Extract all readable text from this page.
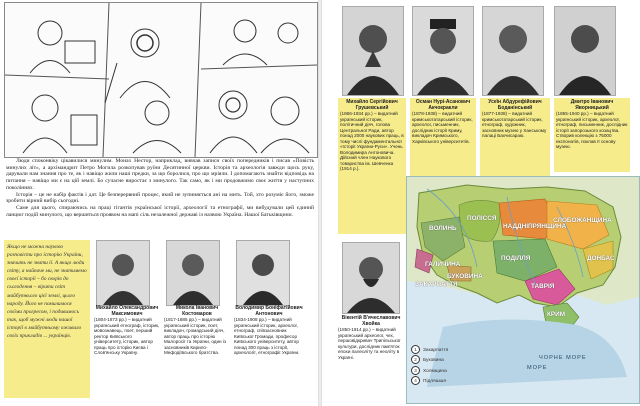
Люди споконвіку цікавилися минулим. Монах Нестор, наприклад, вивчав записи своїх попередників і писав «Повість минулих літ», а архімандрит Петро Могила розкопував руїни Десятинної церкви. Історія та археологія завжди щось руку, дарували нам знання про те, як і навіщо жили наші предки, за що боролися, про що мріяли. І допомагають знайти відповідь на питання – навіщо ми є на цій землі. Бо сучасне виростає з минулого. Так само, як і ми продовжимо своє життя у наступних поколіннях.

Історія – це не набір фактів і дат. Це безперервний процес, який не зупиняється ані на мить. Той, хто розуміє його, зможе зробити вірний вибір сьогодні.

Саме для цього, спираючись на праці гігантів української історії, археології та етнографії, ми вибудували цей єдиний ланцюг подій минулого, що вершиться проявом на мапі сіль незалежної державі із назвою Україна. Нашої Батьківщини.

Якщо не можна науково розповісти про історію України, значить не знати ії. А якщо люди світу, а найпаче ми, не знатимемо своєї історії – бо скорів до сьогодення – вірити світ майбутнього цієї землі, цього народу. Його не помилимося своїми прогресом, і подивимось так, щоб мужні люди нашої історії в майбутньому оживило своїх прикладів ... українців.
Михайло Олександрович Максимович
(1804-1873 рр.) – видатний український етнограф, історик, мовознавець, поет, перший ректор Київського університету, історик, автор праць про історію Києва і Слов'янську Україну.
Микола Іванович Костомаров
(1817-1885 рр.) – видатний український історик, поет, викладач, громадський діяч, автор праць про історію Малоросії та України, один із засновників Кирило-Мефодіївського братства.
Володимир Боніфатійович Антонович
(1834-1908 рр.) – видатний український історик, археолог, етнограф, співзасновник Київської Громади, професор Київського університету, автор понад 300 праць з історії, археології, етнографії України.
Михайло Сергійович Грушевський
(1866-1934 рр.) – видатний український історик, політичний діяч, голова Центральної Ради, автор понад 2000 наукових праць, в тому числі фундаментальної «Історії України-Руси». Учень Володимира Антоновича. Дійсний член Наукового товариства ім. Шевченка (1914 р.).
Осман Нурі-Асанович Акчокракли
(1878-1938) – видатний кримськотатарський історик, археолог, письменник, дослідник історії Криму, викладач Кримського, Харківського університетів.
Усеїн Абдурефійович Боданінський
(1877-1938) – видатний кримськотатарський історик, етнограф, художник, засновник музею у Ханському палаці Бахчисараю.
Дмитро Іванович Яворницький
(1855-1940 рр.) – видатний український історик, археолог, етнограф, письменник, дослідник історії запорозького козацтва. Створив колекцію з 75000 експонатів, поклав її основу музею.
Вікентій В'ячеславович Хвойка
(1850-1914 рр.) – видатний український археолог, чех, першовідкривач Трипільської культури, дослідник пам'яток епохи палеоліту та неоліту в Україні.
ВОЛИНЬ
ГАЛИЧИНА
ПОЛІССЯ
НАДДНІПРЯНЩИНА
СЛОБОЖАНЩИНА
ПОДІЛЛЯ
БУКОВИНА
ЗАКАРПАТТЯ
ДОНБАС
ТАВРІЯ
КРИМ
ЧОРНЕ МОРЕ
МОРЕ
1 Закарпаття
2 Буковина
3 Холмщина
4 Підляшшя
